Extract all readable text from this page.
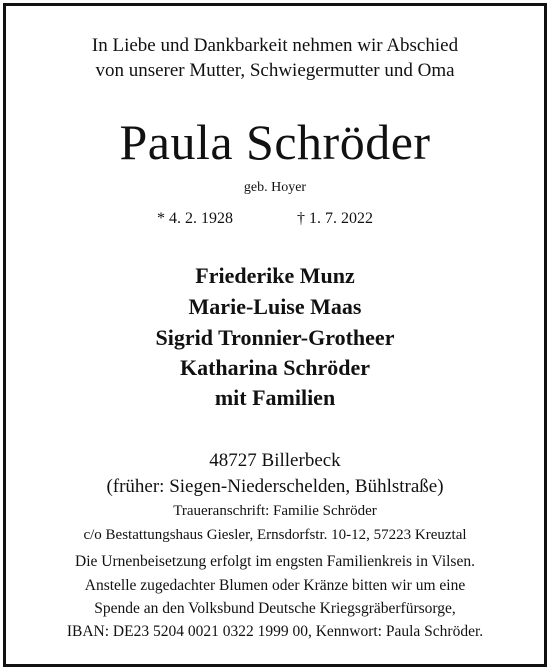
In Liebe und Dankbarkeit nehmen wir Abschied
von unserer Mutter, Schwiegermutter und Oma
Paula Schröder
geb. Hoyer
* 4. 2. 1928	† 1. 7. 2022
Friederike Munz
Marie-Luise Maas
Sigrid Tronnier-Grotheer
Katharina Schröder
mit Familien
48727 Billerbeck
(früher: Siegen-Niederschelden, Bühlstraße)
Traueranschrift: Familie Schröder
c/o Bestattungshaus Giesler, Ernsdorfstr. 10-12, 57223 Kreuztal
Die Urnenbeisetzung erfolgt im engsten Familienkreis in Vilsen.
Anstelle zugedachter Blumen oder Kränze bitten wir um eine
Spende an den Volksbund Deutsche Kriegsgräberfürsorge,
IBAN: DE23 5204 0021 0322 1999 00, Kennwort: Paula Schröder.
